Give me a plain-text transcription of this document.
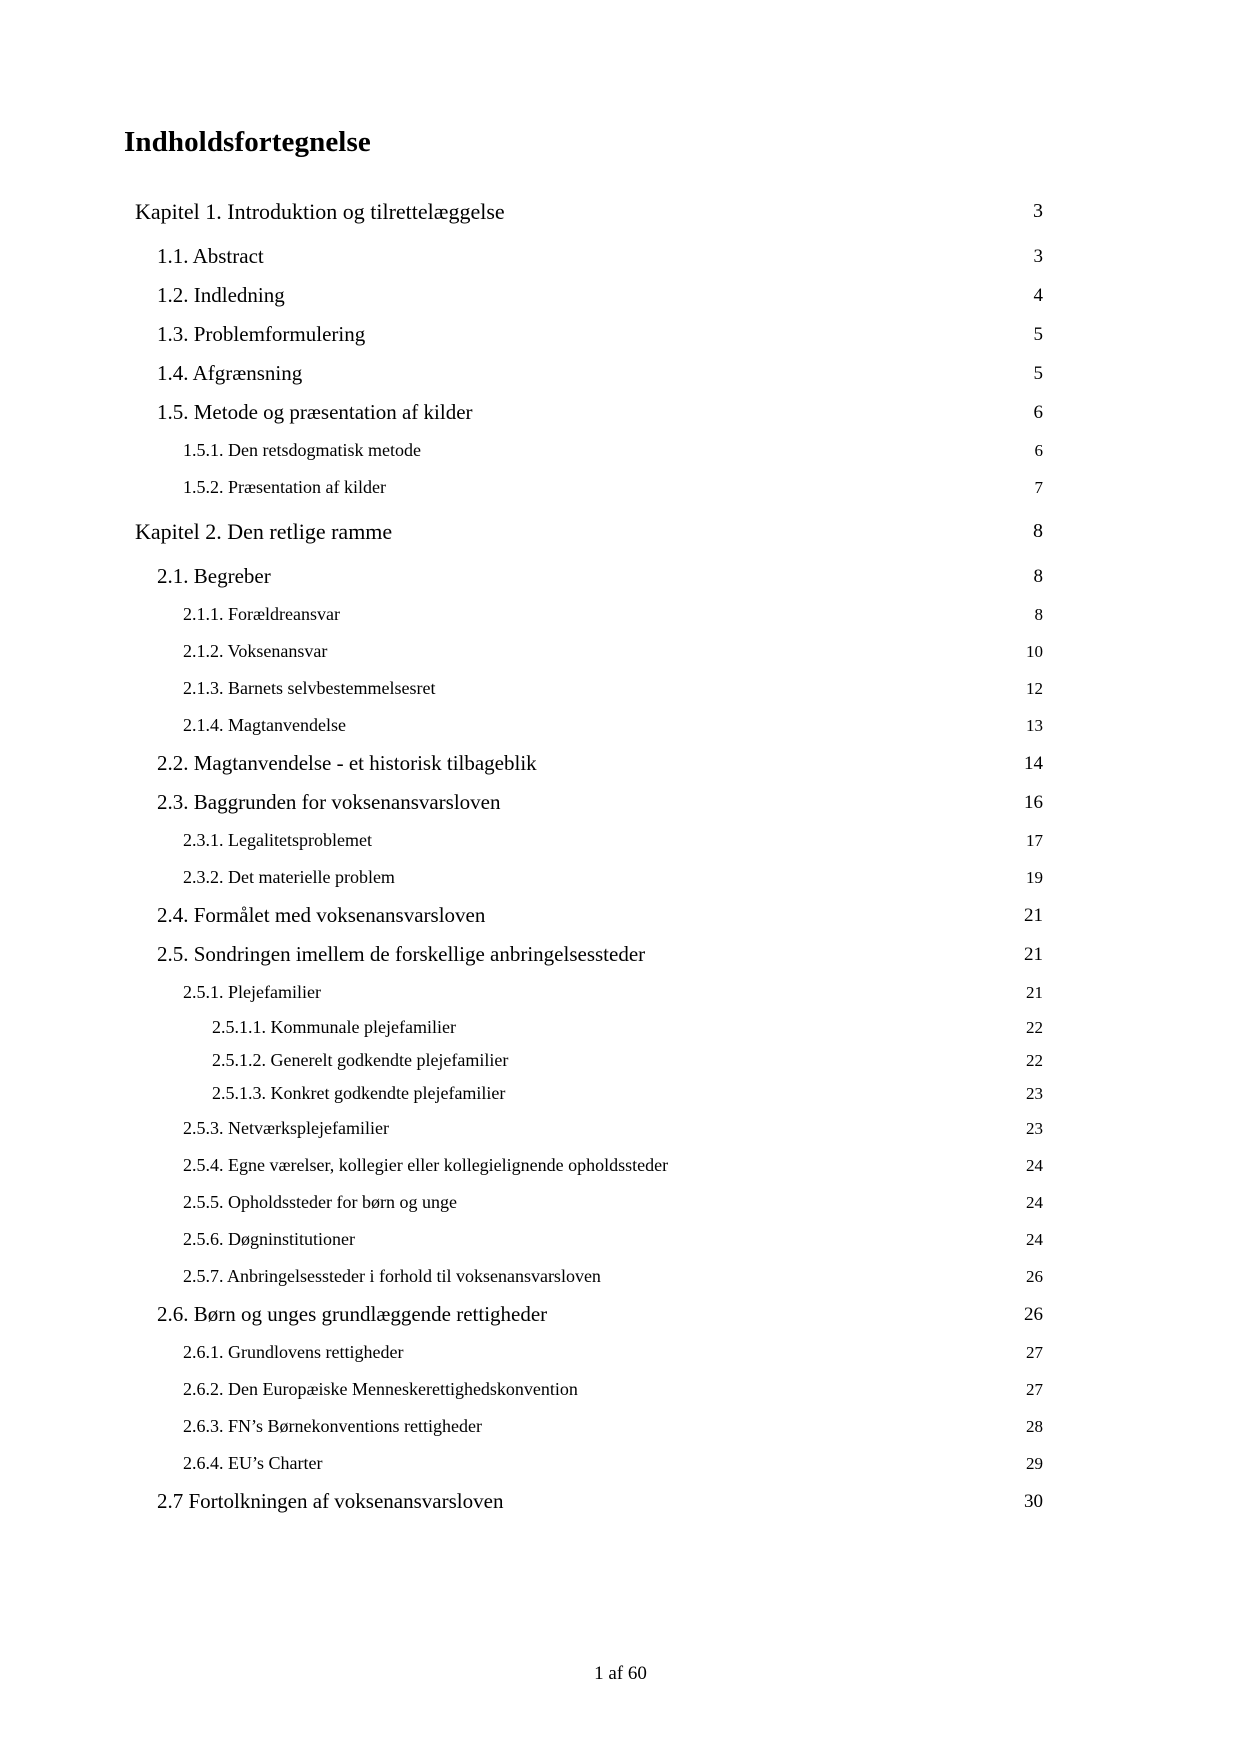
Indholdsfortegnelse
Kapitel 1. Introduktion og tilrettelæggelse	3
1.1. Abstract	3
1.2. Indledning	4
1.3. Problemformulering	5
1.4. Afgrænsning	5
1.5. Metode og præsentation af kilder	6
1.5.1. Den retsdogmatisk metode	6
1.5.2. Præsentation af kilder	7
Kapitel 2. Den retlige ramme	8
2.1. Begreber	8
2.1.1. Forældreansvar	8
2.1.2. Voksenansvar	10
2.1.3. Barnets selvbestemmelsesret	12
2.1.4. Magtanvendelse	13
2.2. Magtanvendelse - et historisk tilbageblik	14
2.3. Baggrunden for voksenansvarsloven	16
2.3.1. Legalitetsproblemet	17
2.3.2. Det materielle problem	19
2.4. Formålet med voksenansvarsloven	21
2.5. Sondringen imellem de forskellige anbringelsessteder	21
2.5.1. Plejefamilier	21
2.5.1.1. Kommunale plejefamilier	22
2.5.1.2. Generelt godkendte plejefamilier	22
2.5.1.3. Konkret godkendte plejefamilier	23
2.5.3. Netværksplejefamilier	23
2.5.4. Egne værelser, kollegier eller kollegielignende opholdssteder	24
2.5.5. Opholdssteder for børn og unge	24
2.5.6. Døgninstitutioner	24
2.5.7. Anbringelsessteder i forhold til voksenansvarsloven	26
2.6. Børn og unges grundlæggende rettigheder	26
2.6.1. Grundlovens rettigheder	27
2.6.2. Den Europæiske Menneskerettighedskonvention	27
2.6.3. FN’s Børnekonventions rettigheder	28
2.6.4. EU’s Charter	29
2.7 Fortolkningen af voksenansvarsloven	30
1 af 60
